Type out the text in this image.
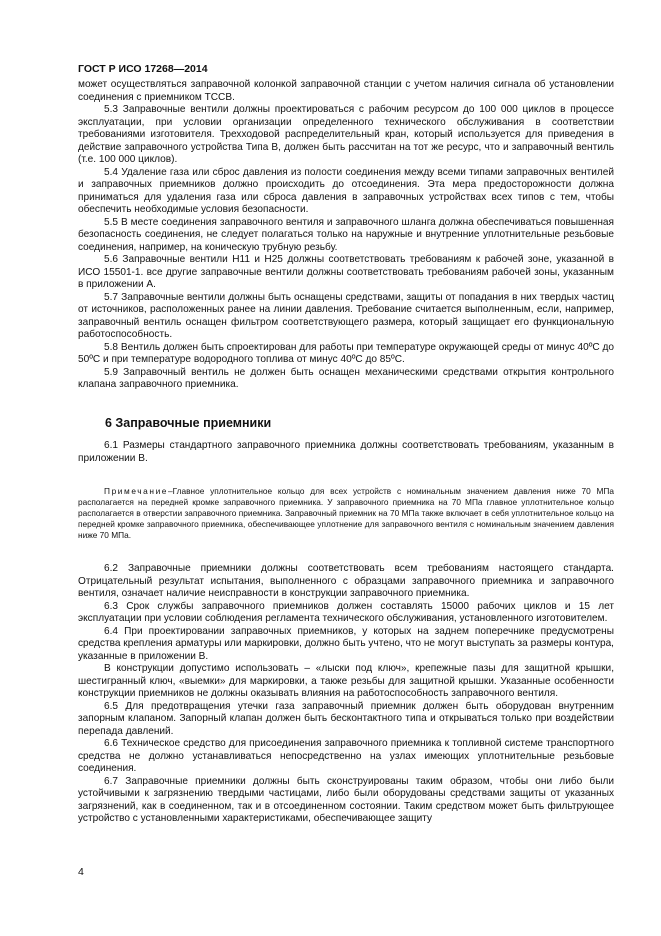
ГОСТ Р ИСО 17268—2014

может осуществляться заправочной колонкой заправочной станции с учетом наличия сигнала об установлении соединения с приемником ТССВ.

5.3 Заправочные вентили должны проектироваться с рабочим ресурсом до 100 000 циклов в процессе эксплуатации, при условии организации определенного технического обслуживания в соответствии требованиями изготовителя. Трехходовой распределительный кран, который используется для приведения в действие заправочного устройства Типа В, должен быть рассчитан на тот же ресурс, что и заправочный вентиль (т.е. 100 000 циклов).

5.4 Удаление газа или сброс давления из полости соединения между всеми типами заправочных вентилей и заправочных приемников должно происходить до отсоединения. Эта мера предосторожности должна приниматься для удаления газа или сброса давления в заправочных устройствах всех типов с тем, чтобы обеспечить необходимые условия безопасности.

5.5 В месте соединения заправочного вентиля и заправочного шланга должна обеспечиваться повышенная безопасность соединения, не следует полагаться только на наружные и внутренние уплотнительные резьбовые соединения, например, на коническую трубную резьбу.

5.6 Заправочные вентили Н11 и Н25 должны соответствовать требованиям к рабочей зоне, указанной в ИСО 15501-1. все другие заправочные вентили должны соответствовать требованиям рабочей зоны, указанным в приложении А.

5.7 Заправочные вентили должны быть оснащены средствами, защиты от попадания в них твердых частиц от источников, расположенных ранее на линии давления. Требование считается выполненным, если, например, заправочный вентиль оснащен фильтром соответствующего размера, который защищает его функциональную работоспособность.

5.8 Вентиль должен быть спроектирован для работы при температуре окружающей среды от минус 40ºС до 50ºС и при температуре водородного топлива от минус 40ºС до 85ºС.

5.9 Заправочный вентиль не должен быть оснащен механическими средствами открытия контрольного клапана заправочного приемника.

6 Заправочные приемники

6.1 Размеры стандартного заправочного приемника должны соответствовать требованиям, указанным в приложении В.

Примечание–Главное уплотнительное кольцо для всех устройств с номинальным значением давления ниже 70 МПа располагается на передней кромке заправочного приемника. У заправочного приемника на 70 МПа главное уплотнительное кольцо располагается в отверстии заправочного приемника. Заправочный приемник на 70 МПа также включает в себя уплотнительное кольцо на передней кромке заправочного приемника, обеспечивающее уплотнение для заправочного вентиля с номинальным значением давления ниже 70 МПа.

6.2 Заправочные приемники должны соответствовать всем требованиям настоящего стандарта. Отрицательный результат испытания, выполненного с образцами заправочного приемника и заправочного вентиля, означает наличие неисправности в конструкции заправочного приемника.

6.3 Срок службы заправочного приемников должен составлять 15000 рабочих циклов и 15 лет эксплуатации при условии соблюдения регламента технического обслуживания, установленного изготовителем.

6.4 При проектировании заправочных приемников, у которых на заднем поперечнике предусмотрены средства крепления арматуры или маркировки, должно быть учтено, что не могут выступать за размеры контура, указанные в приложении В.

В конструкции допустимо использовать – «лыски под ключ», крепежные пазы для защитной крышки, шестигранный ключ, «выемки» для маркировки, а также резьбы для защитной крышки. Указанные особенности конструкции приемников не должны оказывать влияния на работоспособность заправочного вентиля.

6.5 Для предотвращения утечки газа заправочный приемник должен быть оборудован внутренним запорным клапаном. Запорный клапан должен быть бесконтактного типа и открываться только при воздействии перепада давлений.

6.6 Техническое средство для присоединения заправочного приемника к топливной системе транспортного средства не должно устанавливаться непосредственно на узлах имеющих уплотнительные резьбовые соединения.

6.7 Заправочные приемники должны быть сконструированы таким образом, чтобы они либо были устойчивыми к загрязнению твердыми частицами, либо были оборудованы средствами защиты от указанных загрязнений, как в соединенном, так и в отсоединенном состоянии. Таким средством может быть фильтрующее устройство с установленными характеристиками, обеспечивающее защиту

4
